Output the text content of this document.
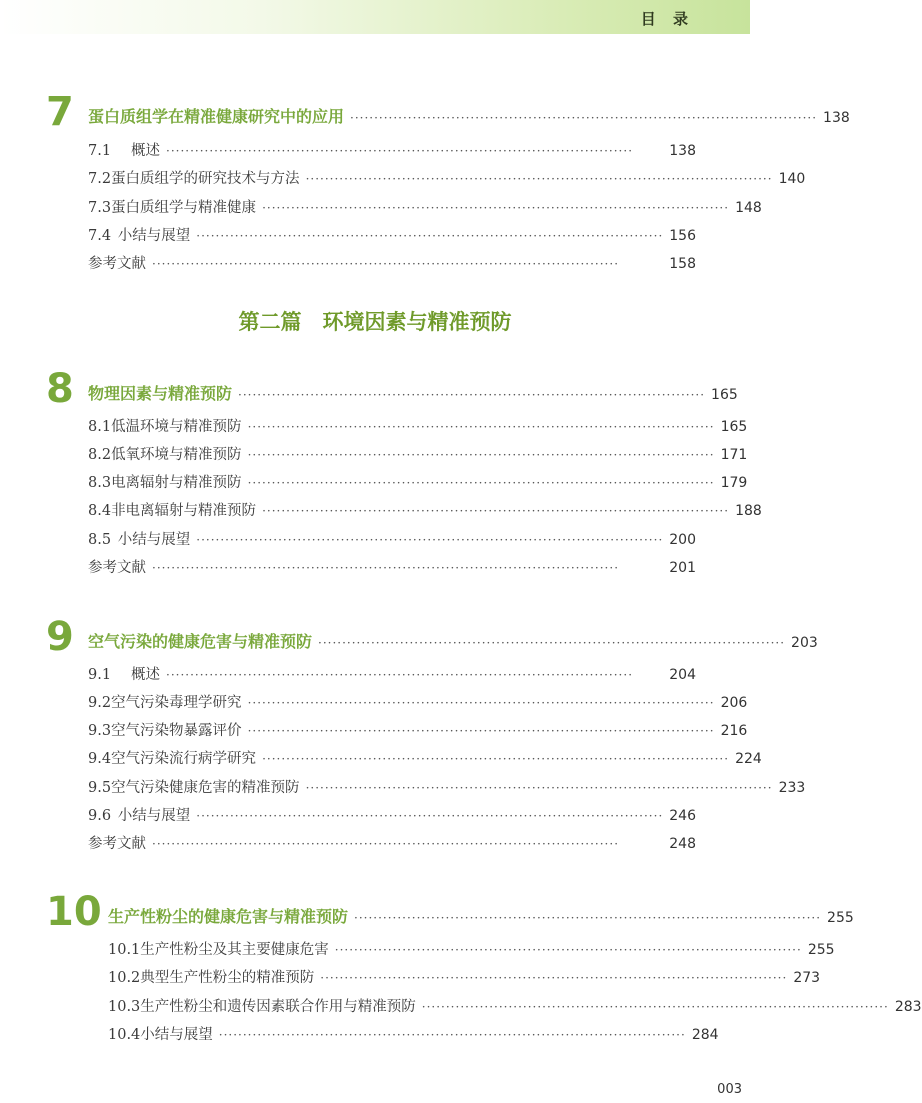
目 录
7 蛋白质组学在精准健康研究中的应用 ································································································· 138
7.1	概述 ·································································································	138
7.2 蛋白质组学的研究技术与方法 ································································································· 140
7.3 蛋白质组学与精准健康 ································································································· 148
7.4 小结与展望 ································································································· 156
参考文献 ·································································································	158
第二篇　环境因素与精准预防
8 物理因素与精准预防 ································································································· 165
8.1 低温环境与精准预防 ································································································· 165
8.2 低氧环境与精准预防 ································································································· 171
8.3 电离辐射与精准预防 ································································································· 179
8.4 非电离辐射与精准预防 ································································································· 188
8.5 小结与展望 ································································································· 200
参考文献 ·································································································	201
9 空气污染的健康危害与精准预防 ································································································· 203
9.1	概述 ·································································································	204
9.2 空气污染毒理学研究 ································································································· 206
9.3 空气污染物暴露评价 ································································································· 216
9.4 空气污染流行病学研究 ································································································· 224
9.5 空气污染健康危害的精准预防 ································································································· 233
9.6 小结与展望 ································································································· 246
参考文献 ·································································································	248
10 生产性粉尘的健康危害与精准预防 ································································································· 255
10.1 生产性粉尘及其主要健康危害 ································································································· 255
10.2 典型生产性粉尘的精准预防 ································································································· 273
10.3 生产性粉尘和遗传因素联合作用与精准预防 ································································································· 283
10.4 小结与展望 ································································································· 284
003
